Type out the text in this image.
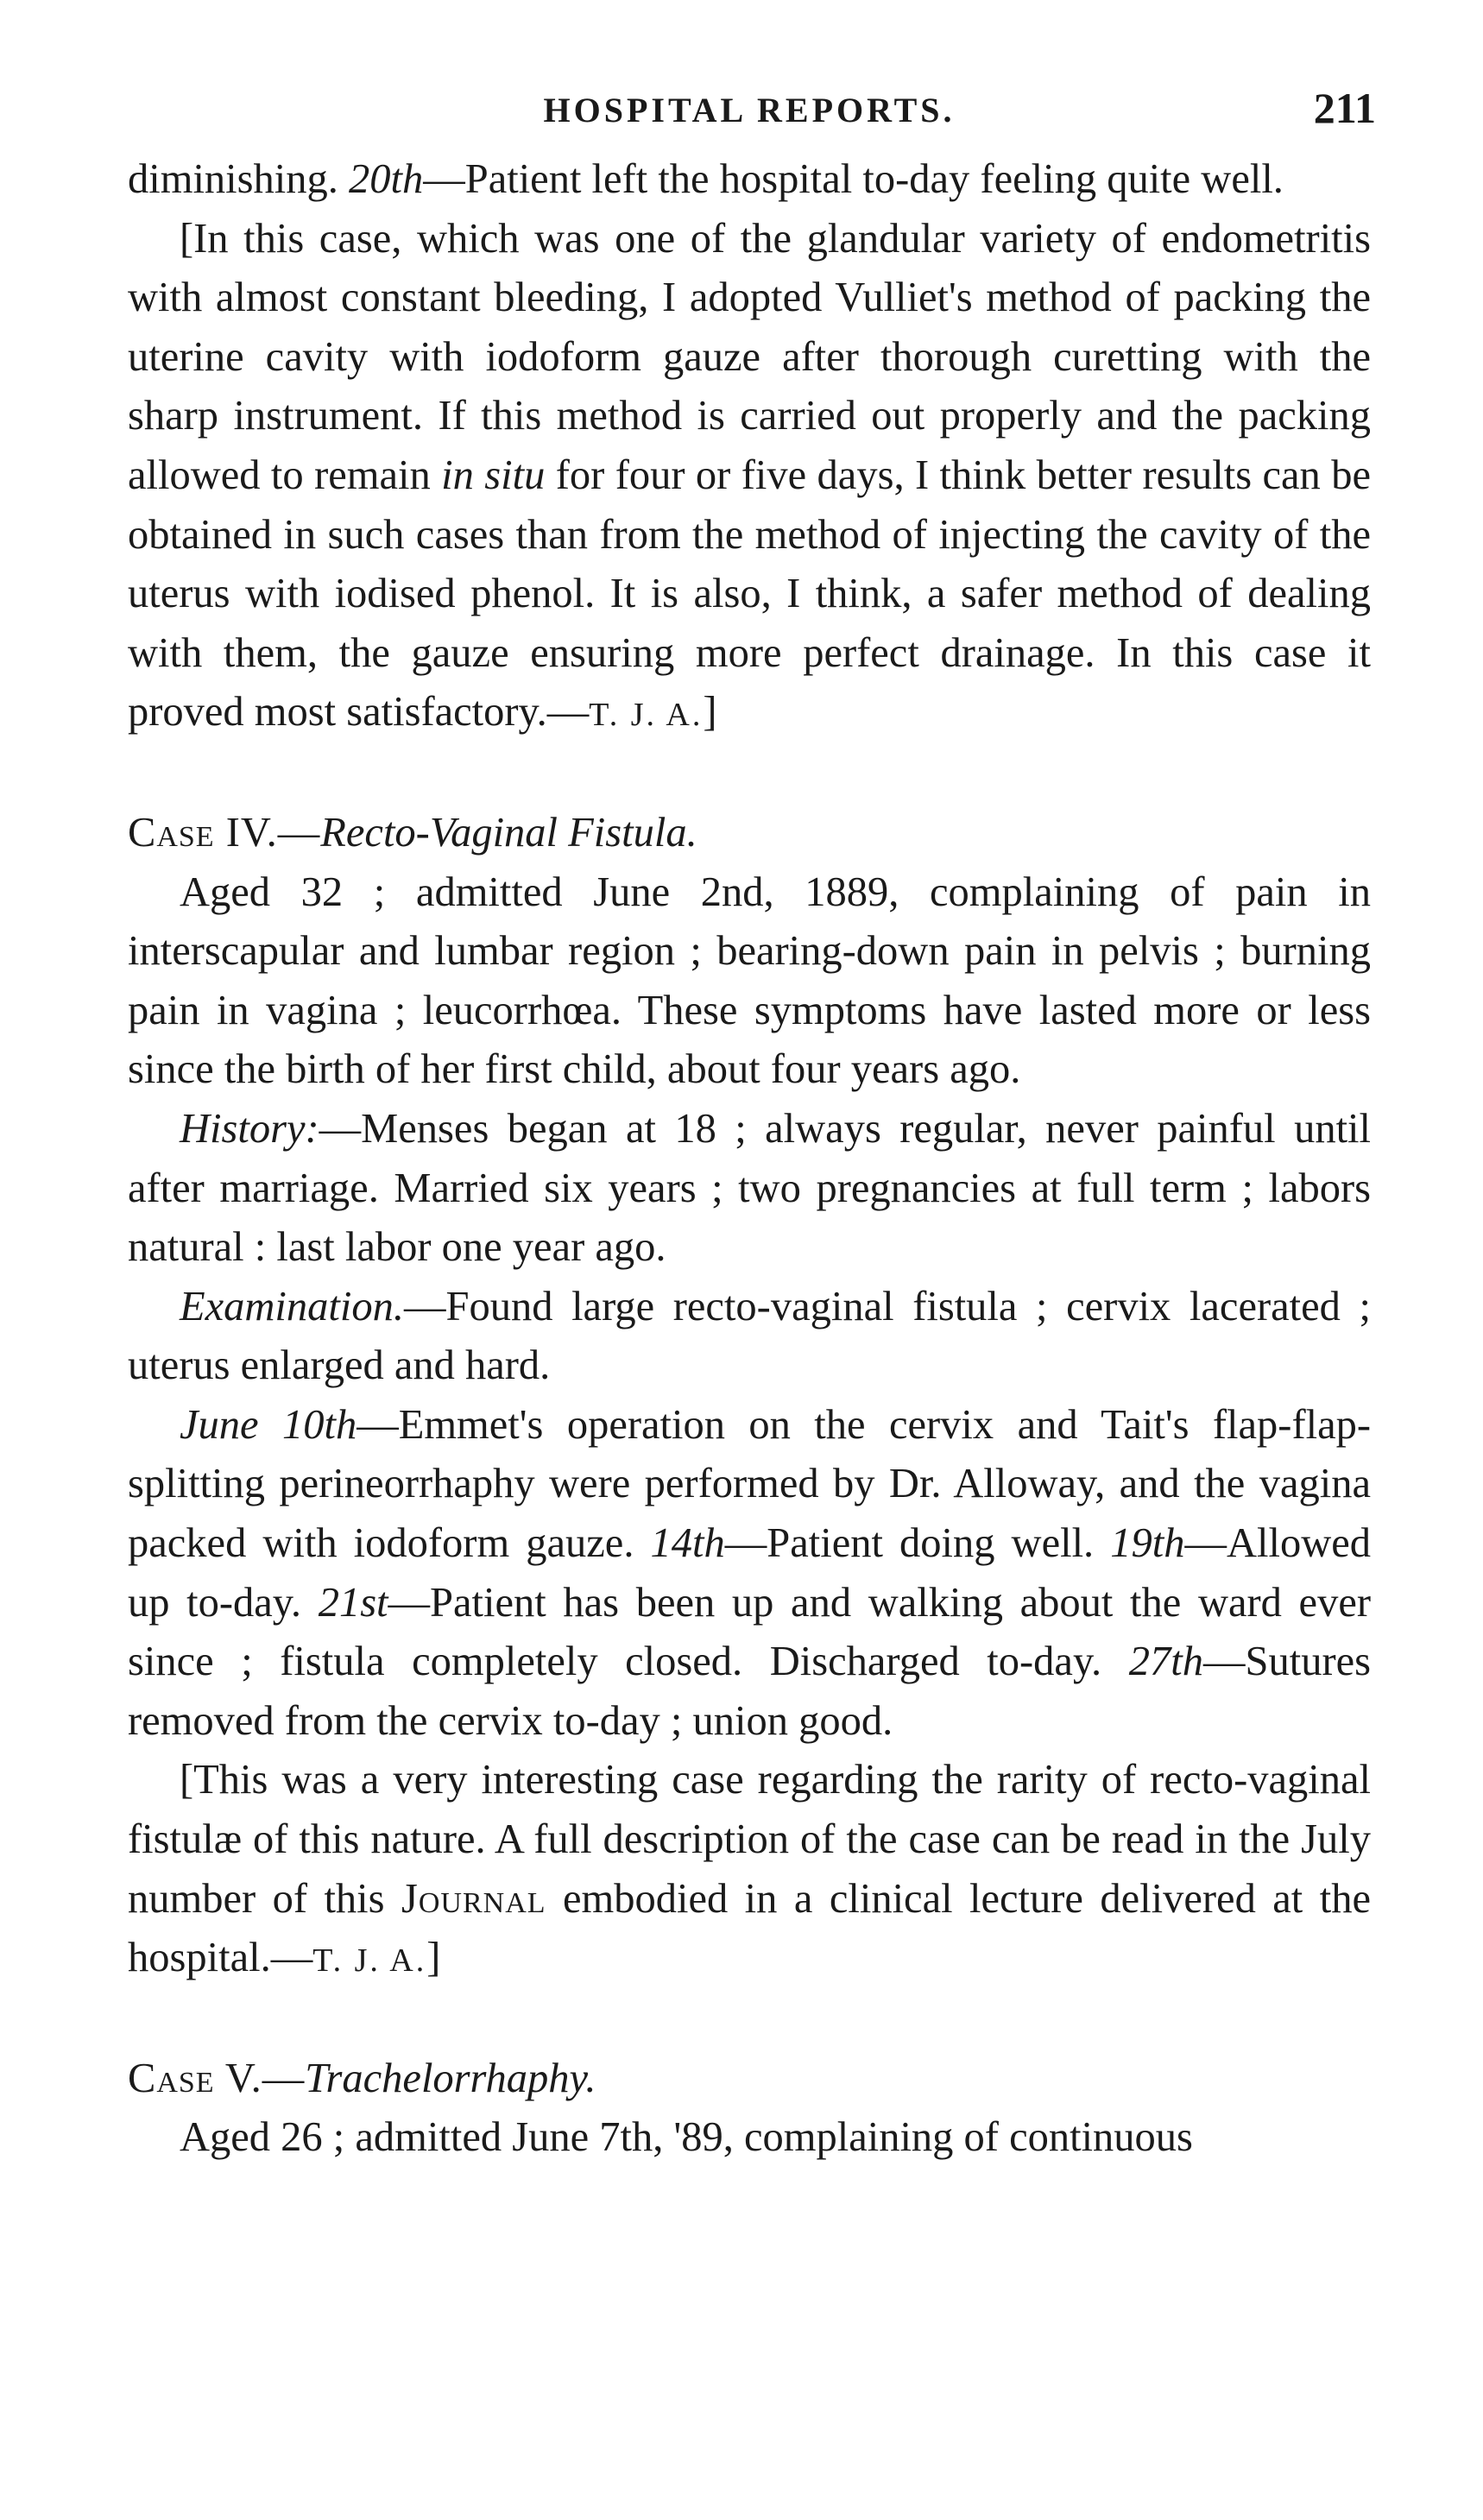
HOSPITAL REPORTS.	211

diminishing. 20th—Patient left the hospital to-day feeling quite well.

[In this case, which was one of the glandular variety of endometritis with almost constant bleeding, I adopted Vulliet's method of packing the uterine cavity with iodoform gauze after thorough curetting with the sharp instrument. If this method is carried out properly and the packing allowed to remain in situ for four or five days, I think better results can be obtained in such cases than from the method of injecting the cavity of the uterus with iodised phenol. It is also, I think, a safer method of dealing with them, the gauze ensuring more perfect drainage. In this case it proved most satisfactory.—T. J. A.]

Case IV.—Recto-Vaginal Fistula.

Aged 32 ; admitted June 2nd, 1889, complaining of pain in interscapular and lumbar region ; bearing-down pain in pelvis ; burning pain in vagina ; leucorrhœa. These symptoms have lasted more or less since the birth of her first child, about four years ago.

History:—Menses began at 18 ; always regular, never painful until after marriage. Married six years ; two pregnancies at full term ; labors natural : last labor one year ago.

Examination.—Found large recto-vaginal fistula ; cervix lacerated ; uterus enlarged and hard.

June 10th—Emmet's operation on the cervix and Tait's flap-flap-splitting perineorrhaphy were performed by Dr. Alloway, and the vagina packed with iodoform gauze. 14th—Patient doing well. 19th—Allowed up to-day. 21st—Patient has been up and walking about the ward ever since ; fistula completely closed. Discharged to-day. 27th—Sutures removed from the cervix to-day ; union good.

[This was a very interesting case regarding the rarity of recto-vaginal fistulæ of this nature. A full description of the case can be read in the July number of this Journal embodied in a clinical lecture delivered at the hospital.—T. J. A.]

Case V.—Trachelorrhaphy.

Aged 26 ; admitted June 7th, '89, complaining of continuous
